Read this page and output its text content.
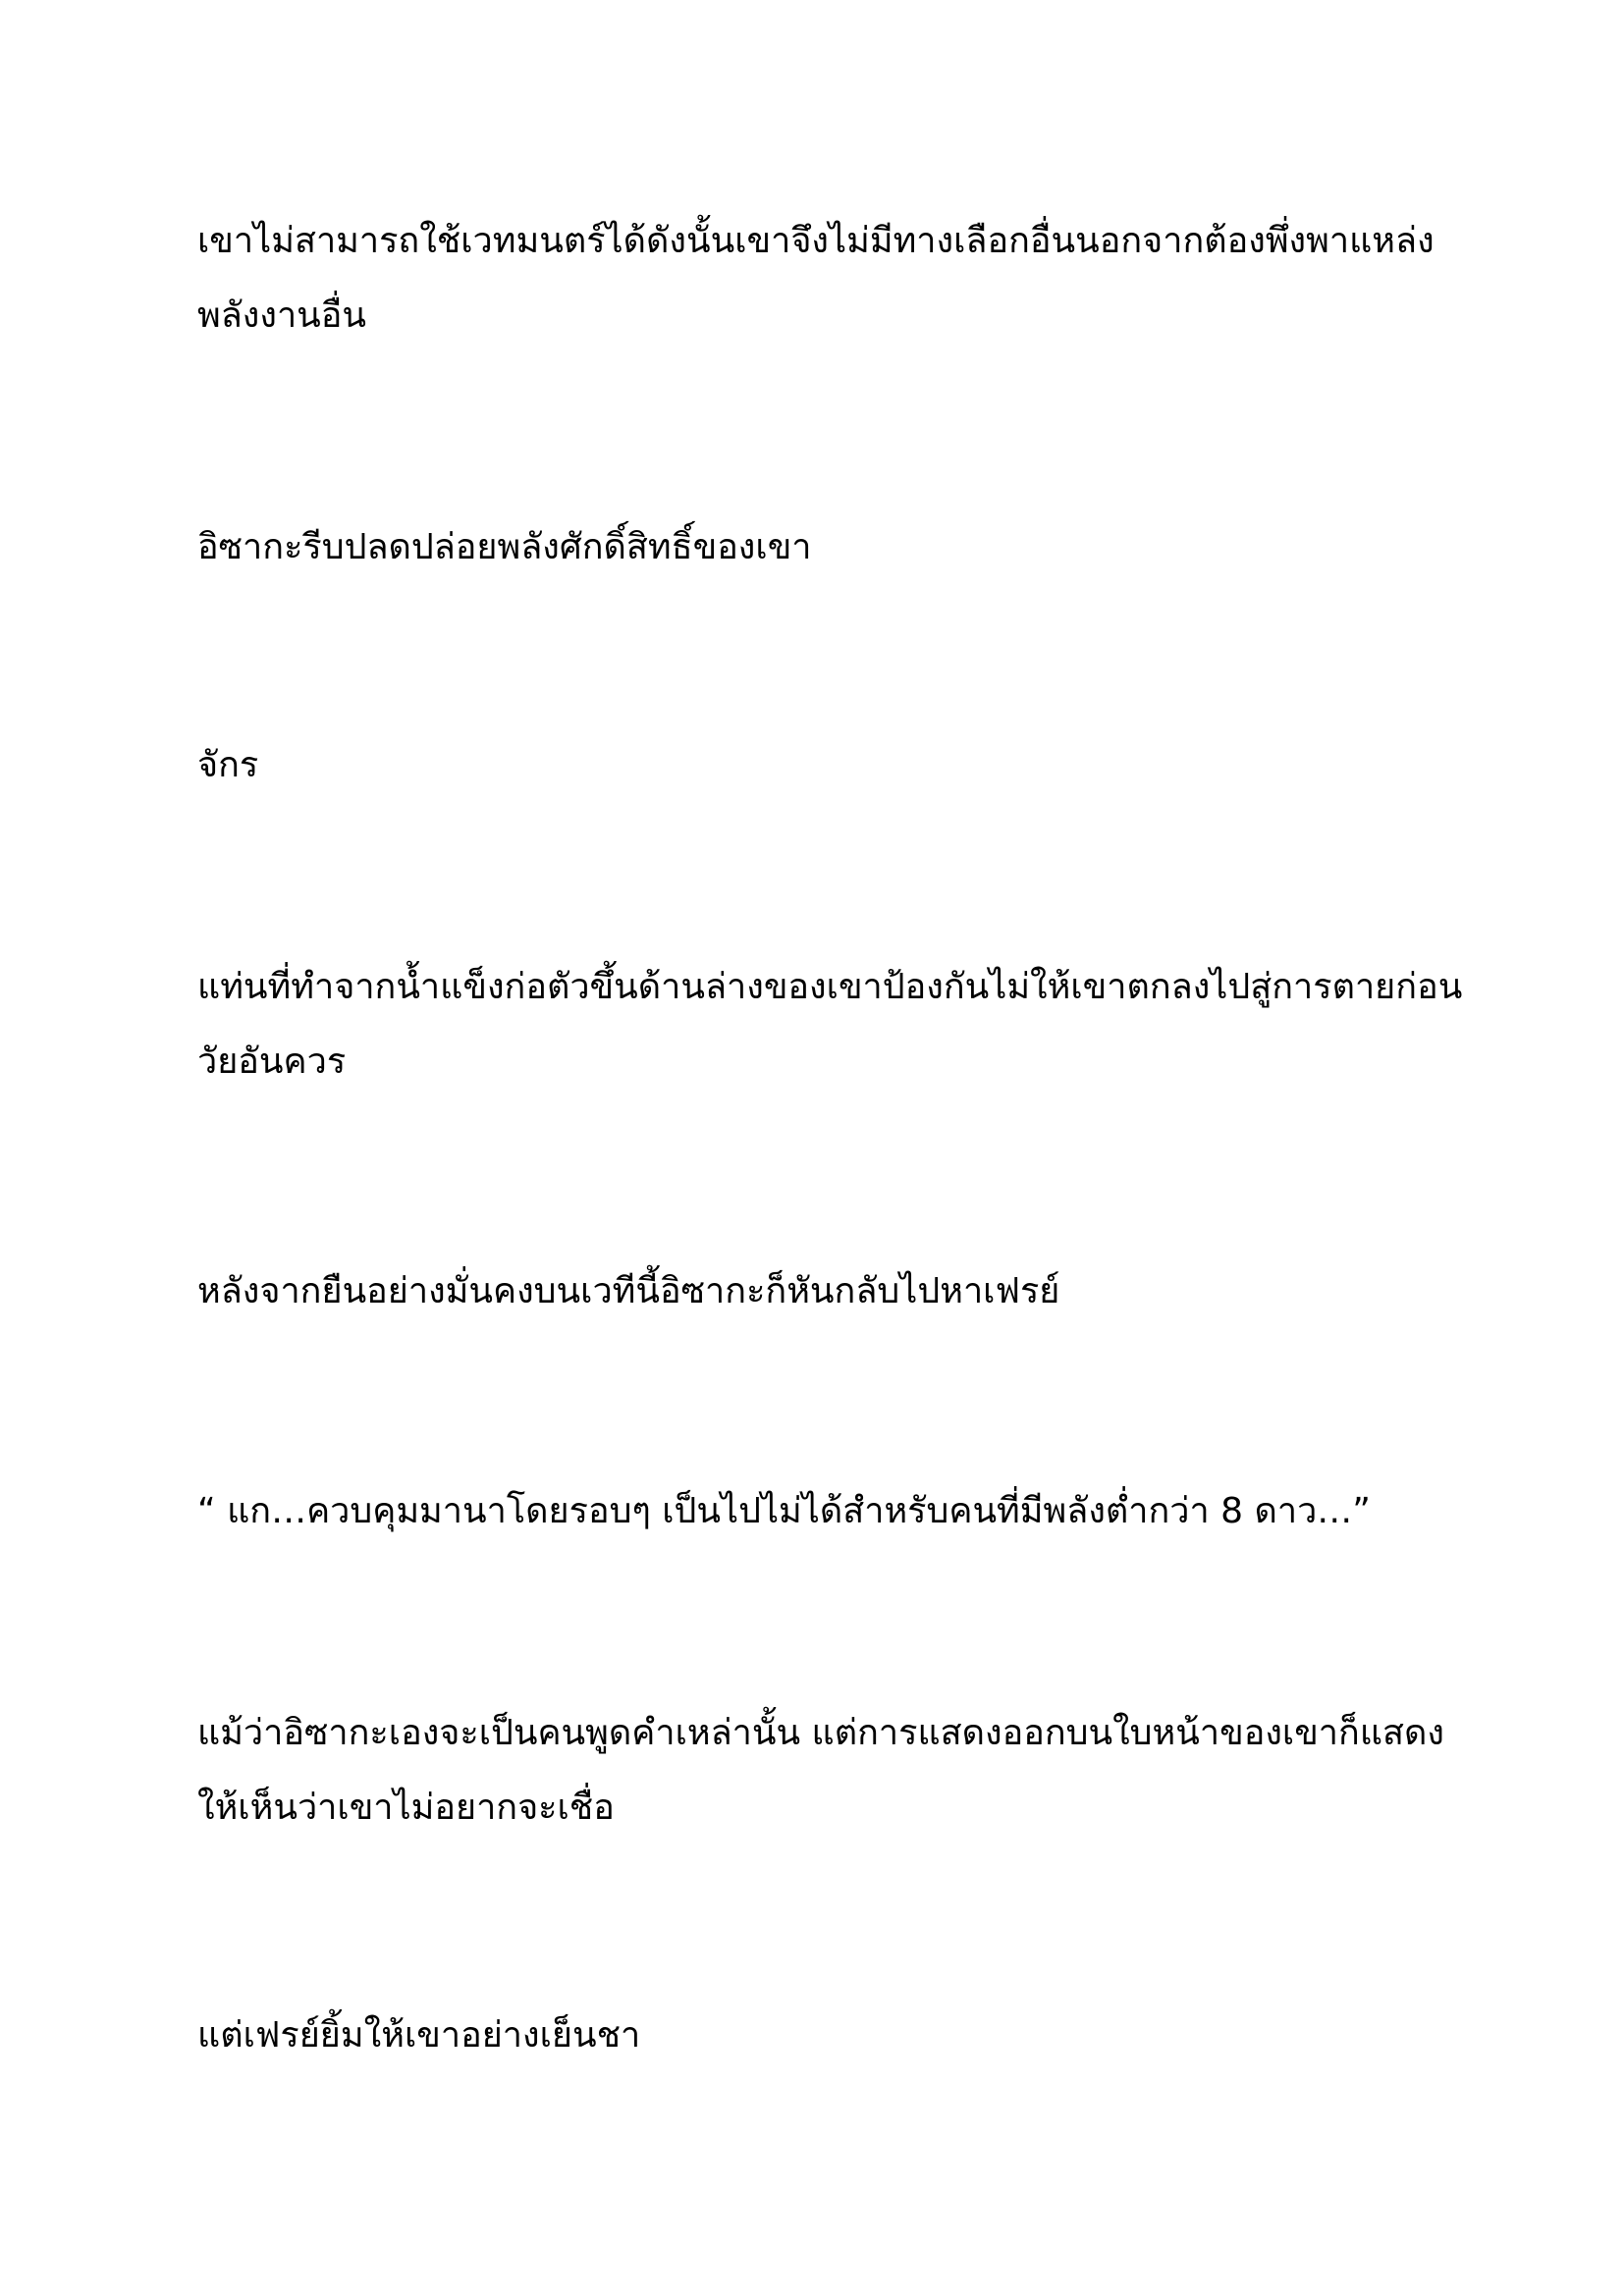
เขาไม่สามารถใช้เวทมนตร์ได้ดังนั้นเขาจึงไม่มีทางเลือกอื่นนอกจากต้องพึ่งพาแหล่ง
พลังงานอื่น

อิซากะรีบปลดปล่อยพลังศักดิ์สิทธิ์ของเขา

จักร

แท่นที่ทำจากน้ำแข็งก่อตัวขึ้นด้านล่างของเขาป้องกันไม่ให้เขาตกลงไปสู่การตายก่อน
วัยอันควร

หลังจากยืนอย่างมั่นคงบนเวทีนี้อิซากะก็หันกลับไปหาเฟรย์

“ แก…ควบคุมมานาโดยรอบๆ เป็นไปไม่ได้สำหรับคนที่มีพลังต่ำกว่า 8 ดาว…”

แม้ว่าอิซากะเองจะเป็นคนพูดคำเหล่านั้น แต่การแสดงออกบนใบหน้าของเขาก็แสดง
ให้เห็นว่าเขาไม่อยากจะเชื่อ

แต่เฟรย์ยิ้มให้เขาอย่างเย็นชา
